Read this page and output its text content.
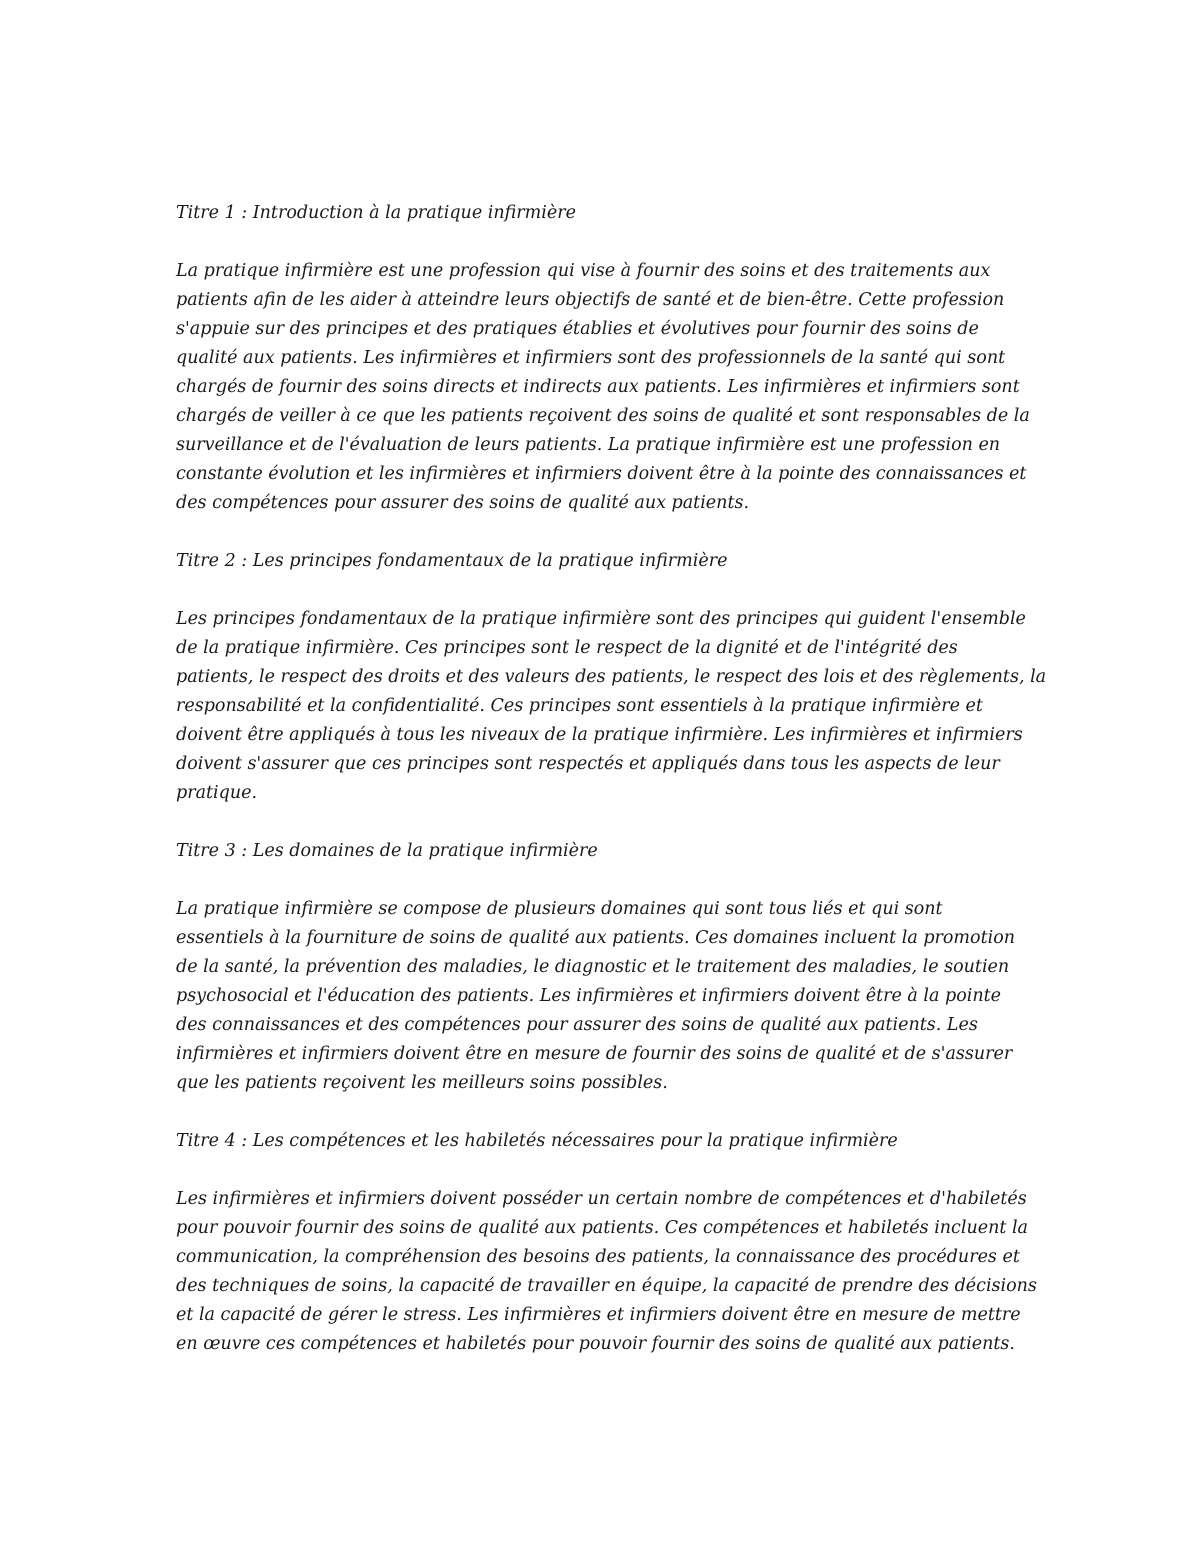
Titre 1 : Introduction à la pratique infirmière

La pratique infirmière est une profession qui vise à fournir des soins et des traitements aux
patients afin de les aider à atteindre leurs objectifs de santé et de bien-être. Cette profession
s'appuie sur des principes et des pratiques établies et évolutives pour fournir des soins de
qualité aux patients. Les infirmières et infirmiers sont des professionnels de la santé qui sont
chargés de fournir des soins directs et indirects aux patients. Les infirmières et infirmiers sont
chargés de veiller à ce que les patients reçoivent des soins de qualité et sont responsables de la
surveillance et de l'évaluation de leurs patients. La pratique infirmière est une profession en
constante évolution et les infirmières et infirmiers doivent être à la pointe des connaissances et
des compétences pour assurer des soins de qualité aux patients.

Titre 2 : Les principes fondamentaux de la pratique infirmière

Les principes fondamentaux de la pratique infirmière sont des principes qui guident l'ensemble
de la pratique infirmière. Ces principes sont le respect de la dignité et de l'intégrité des
patients, le respect des droits et des valeurs des patients, le respect des lois et des règlements, la
responsabilité et la confidentialité. Ces principes sont essentiels à la pratique infirmière et
doivent être appliqués à tous les niveaux de la pratique infirmière. Les infirmières et infirmiers
doivent s'assurer que ces principes sont respectés et appliqués dans tous les aspects de leur
pratique.

Titre 3 : Les domaines de la pratique infirmière

La pratique infirmière se compose de plusieurs domaines qui sont tous liés et qui sont
essentiels à la fourniture de soins de qualité aux patients. Ces domaines incluent la promotion
de la santé, la prévention des maladies, le diagnostic et le traitement des maladies, le soutien
psychosocial et l'éducation des patients. Les infirmières et infirmiers doivent être à la pointe
des connaissances et des compétences pour assurer des soins de qualité aux patients. Les
infirmières et infirmiers doivent être en mesure de fournir des soins de qualité et de s'assurer
que les patients reçoivent les meilleurs soins possibles.

Titre 4 : Les compétences et les habiletés nécessaires pour la pratique infirmière

Les infirmières et infirmiers doivent posséder un certain nombre de compétences et d'habiletés
pour pouvoir fournir des soins de qualité aux patients. Ces compétences et habiletés incluent la
communication, la compréhension des besoins des patients, la connaissance des procédures et
des techniques de soins, la capacité de travailler en équipe, la capacité de prendre des décisions
et la capacité de gérer le stress. Les infirmières et infirmiers doivent être en mesure de mettre
en œuvre ces compétences et habiletés pour pouvoir fournir des soins de qualité aux patients.
